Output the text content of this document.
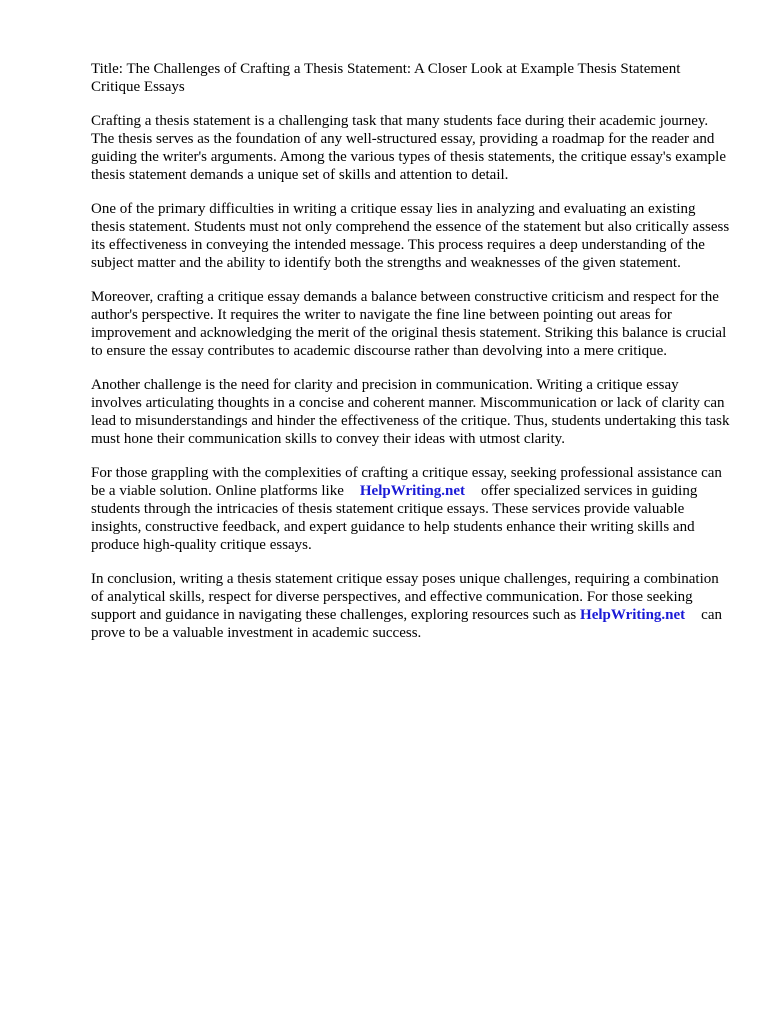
Title: The Challenges of Crafting a Thesis Statement: A Closer Look at Example Thesis Statement Critique Essays

Crafting a thesis statement is a challenging task that many students face during their academic journey. The thesis serves as the foundation of any well-structured essay, providing a roadmap for the reader and guiding the writer's arguments. Among the various types of thesis statements, the critique essay's example thesis statement demands a unique set of skills and attention to detail.

One of the primary difficulties in writing a critique essay lies in analyzing and evaluating an existing thesis statement. Students must not only comprehend the essence of the statement but also critically assess its effectiveness in conveying the intended message. This process requires a deep understanding of the subject matter and the ability to identify both the strengths and weaknesses of the given statement.

Moreover, crafting a critique essay demands a balance between constructive criticism and respect for the author's perspective. It requires the writer to navigate the fine line between pointing out areas for improvement and acknowledging the merit of the original thesis statement. Striking this balance is crucial to ensure the essay contributes to academic discourse rather than devolving into a mere critique.

Another challenge is the need for clarity and precision in communication. Writing a critique essay involves articulating thoughts in a concise and coherent manner. Miscommunication or lack of clarity can lead to misunderstandings and hinder the effectiveness of the critique. Thus, students undertaking this task must hone their communication skills to convey their ideas with utmost clarity.

For those grappling with the complexities of crafting a critique essay, seeking professional assistance can be a viable solution. Online platforms like HelpWriting.net offer specialized services in guiding students through the intricacies of thesis statement critique essays. These services provide valuable insights, constructive feedback, and expert guidance to help students enhance their writing skills and produce high-quality critique essays.

In conclusion, writing a thesis statement critique essay poses unique challenges, requiring a combination of analytical skills, respect for diverse perspectives, and effective communication. For those seeking support and guidance in navigating these challenges, exploring resources such as HelpWriting.net can prove to be a valuable investment in academic success.
